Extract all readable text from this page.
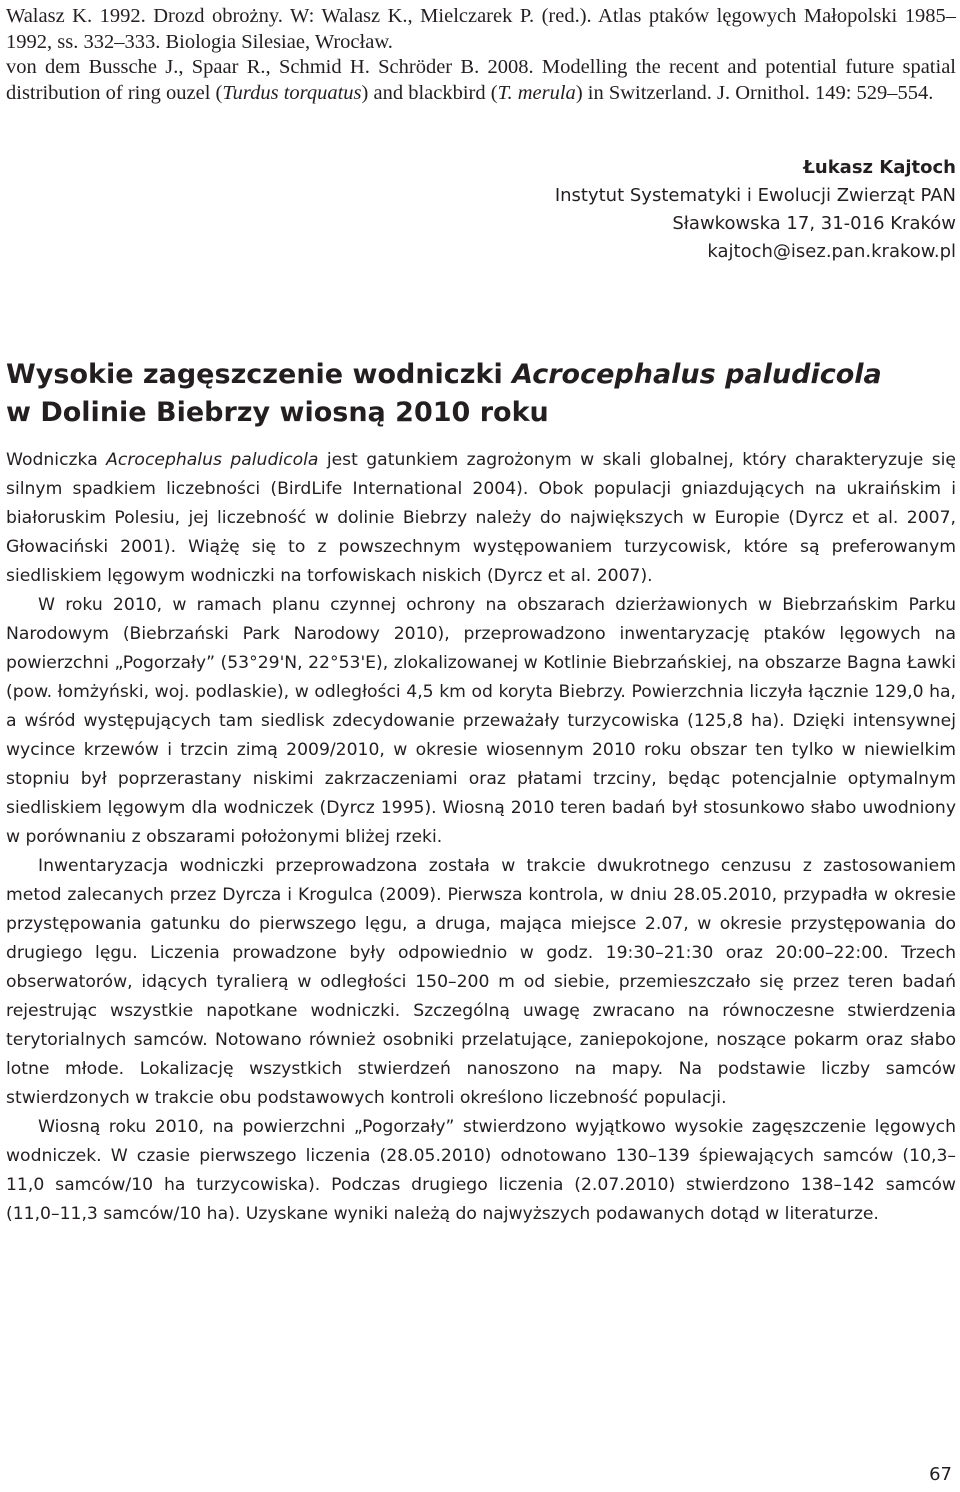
Walasz K. 1992. Drozd obrożny. W: Walasz K., Mielczarek P. (red.). Atlas ptaków lęgowych Małopolski 1985–1992, ss. 332–333. Biologia Silesiae, Wrocław.

von dem Bussche J., Spaar R., Schmid H. Schröder B. 2008. Modelling the recent and potential future spatial distribution of ring ouzel (Turdus torquatus) and blackbird (T. merula) in Switzerland. J. Ornithol. 149: 529–554.

Łukasz Kajtoch
Instytut Systematyki i Ewolucji Zwierząt PAN
Sławkowska 17, 31-016 Kraków
kajtoch@isez.pan.krakow.pl
Wysokie zagęszczenie wodniczki Acrocephalus paludicola
w Dolinie Biebrzy wiosną 2010 roku

Wodniczka Acrocephalus paludicola jest gatunkiem zagrożonym w skali globalnej, który charakteryzuje się silnym spadkiem liczebności (BirdLife International 2004). Obok populacji gniazdujących na ukraińskim i białoruskim Polesiu, jej liczebność w dolinie Biebrzy należy do największych w Europie (Dyrcz et al. 2007, Głowaciński 2001). Wiążę się to z powszechnym występowaniem turzycowisk, które są preferowanym siedliskiem lęgowym wodniczki na torfowiskach niskich (Dyrcz et al. 2007).

W roku 2010, w ramach planu czynnej ochrony na obszarach dzierżawionych w Biebrzańskim Parku Narodowym (Biebrzański Park Narodowy 2010), przeprowadzono inwentaryzację ptaków lęgowych na powierzchni „Pogorzały” (53°29'N, 22°53'E), zlokalizowanej w Kotlinie Biebrzańskiej, na obszarze Bagna Ławki (pow. łomżyński, woj. podlaskie), w odległości 4,5 km od koryta Biebrzy. Powierzchnia liczyła łącznie 129,0 ha, a wśród występujących tam siedlisk zdecydowanie przeważały turzycowiska (125,8 ha). Dzięki intensywnej wycince krzewów i trzcin zimą 2009/2010, w okresie wiosennym 2010 roku obszar ten tylko w niewielkim stopniu był poprzerastany niskimi zakrzaczeniami oraz płatami trzciny, będąc potencjalnie optymalnym siedliskiem lęgowym dla wodniczek (Dyrcz 1995). Wiosną 2010 teren badań był stosunkowo słabo uwodniony w porównaniu z obszarami położonymi bliżej rzeki.

Inwentaryzacja wodniczki przeprowadzona została w trakcie dwukrotnego cenzusu z zastosowaniem metod zalecanych przez Dyrcza i Krogulca (2009). Pierwsza kontrola, w dniu 28.05.2010, przypadła w okresie przystępowania gatunku do pierwszego lęgu, a druga, mająca miejsce 2.07, w okresie przystępowania do drugiego lęgu. Liczenia prowadzone były odpowiednio w godz. 19:30–21:30 oraz 20:00–22:00. Trzech obserwatorów, idących tyralierą w odległości 150–200 m od siebie, przemieszczało się przez teren badań rejestrując wszystkie napotkane wodniczki. Szczególną uwagę zwracano na równoczesne stwierdzenia terytorialnych samców. Notowano również osobniki przelatujące, zaniepokojone, noszące pokarm oraz słabo lotne młode. Lokalizację wszystkich stwierdzeń nanoszono na mapy. Na podstawie liczby samców stwierdzonych w trakcie obu podstawowych kontroli określono liczebność populacji.

Wiosną roku 2010, na powierzchni „Pogorzały” stwierdzono wyjątkowo wysokie zagęszczenie lęgowych wodniczek. W czasie pierwszego liczenia (28.05.2010) odnotowano 130–139 śpiewających samców (10,3–11,0 samców/10 ha turzycowiska). Podczas drugiego liczenia (2.07.2010) stwierdzono 138–142 samców (11,0–11,3 samców/10 ha). Uzyskane wyniki należą do najwyższych podawanych dotąd w literaturze.

67
